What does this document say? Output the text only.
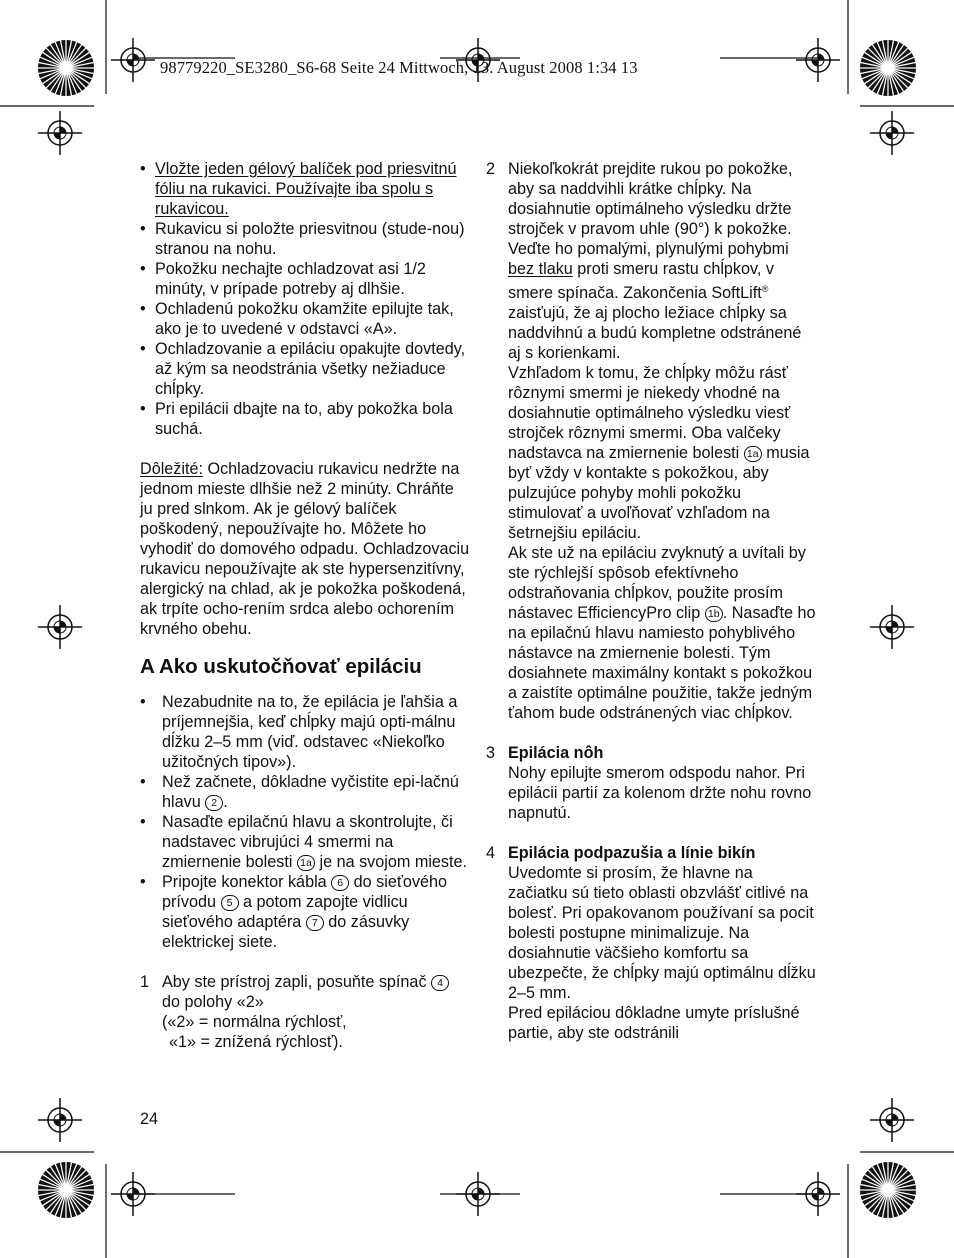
98779220_SE3280_S6-68 Seite 24 Mittwoch, 13. August 2008 1:34 13
• Vložte jeden gélový balíček pod priesvitnú fóliu na rukavici. Používajte iba spolu s rukavicou.
• Rukavicu si položte priesvitnou (stude-nou) stranou na nohu.
• Pokožku nechajte ochladzovat asi 1/2 minúty, v prípade potreby aj dlhšie.
• Ochladenú pokožku okamžite epilujte tak, ako je to uvedené v odstavci «A».
• Ochladzovanie a epiláciu opakujte dovtedy, až kým sa neodstránia všetky nežiaduce chĺpky.
• Pri epilácii dbajte na to, aby pokožka bola suchá.

Dôležité: Ochladzovaciu rukavicu nedržte na jednom mieste dlhšie než 2 minúty. Chráňte ju pred slnkom. Ak je gélový balíček poškodený, nepoužívajte ho. Môžete ho vyhodiť do domového odpadu. Ochladzovaciu rukavicu nepoužívajte ak ste hypersenzitívny, alergický na chlad, ak je pokožka poškodená, ak trpíte ocho-rením srdca alebo ochorením krvného obehu.

A Ako uskutočňovať epiláciu
• Nezabudnite na to, že epilácia je ľahšia a príjemnejšia, keď chĺpky majú opti-málnu dĺžku 2–5 mm (viď. odstavec «Niekoľko užitočných tipov»).
• Než začnete, dôkladne vyčistite epi-lačnú hlavu 2 .
• Nasaďte epilačnú hlavu a skontrolujte, či nadstavec vibrujúci 4 smermi na zmiernenie bolesti 1a je na svojom mieste.
• Pripojte konektor kábla 6 do sieťového prívodu 5 a potom zapojte vidlicu sieťového adaptéra 7 do zásuvky elektrickej siete.
1 Aby ste prístroj zapli, posuňte spínač 4 do polohy «2»
(«2» = normálna rýchlosť,
«1» = znížená rýchlosť).
24
2 Niekoľkokrát prejdite rukou po pokožke, aby sa naddvihli krátke chĺpky. Na dosiahnutie optimálneho výsledku držte strojček v pravom uhle (90°) k pokožke. Veďte ho pomalými, plynulými pohybmi bez tlaku proti smeru rastu chĺpkov, v smere spínača. Zakončenia SoftLift® zaisťujú, že aj plocho ležiace chĺpky sa naddvihnú a budú kompletne odstránené aj s korienkami.

Vzhľadom k tomu, že chĺpky môžu rásť rôznymi smermi je niekedy vhodné na dosiahnutie optimálneho výsledku viesť strojček rôznymi smermi. Oba valčeky nadstavca na zmiernenie bolesti 1a musia byť vždy v kontakte s pokožkou, aby pulzujúce pohyby mohli pokožku stimulovať a uvoľňovať vzhľadom na šetrnejšiu epiláciu.

Ak ste už na epiláciu zvyknutý a uvítali by ste rýchlejší spôsob efektívneho odstraňovania chĺpkov, použite prosím nástavec EfficiencyPro clip 1b . Nasaďte ho na epilačnú hlavu namiesto pohyblivého nástavce na zmiernenie bolesti. Tým dosiahnete maximálny kontakt s pokožkou a zaistíte optimálne použitie, takže jedným ťahom bude odstránených viac chĺpkov.

3 Epilácia nôh

Nohy epilujte smerom odspodu nahor. Pri epilácii partií za kolenom držte nohu rovno napnutú.

4 Epilácia podpazušia a línie bikín

Uvedomte si prosím, že hlavne na začiatku sú tieto oblasti obzvlášť citlivé na bolesť. Pri opakovanom používaní sa pocit bolesti postupne minimalizuje. Na dosiahnutie väčšieho komfortu sa ubezpečte, že chĺpky majú optimálnu dĺžku 2–5 mm.

Pred epiláciou dôkladne umyte príslušné partie, aby ste odstránili
